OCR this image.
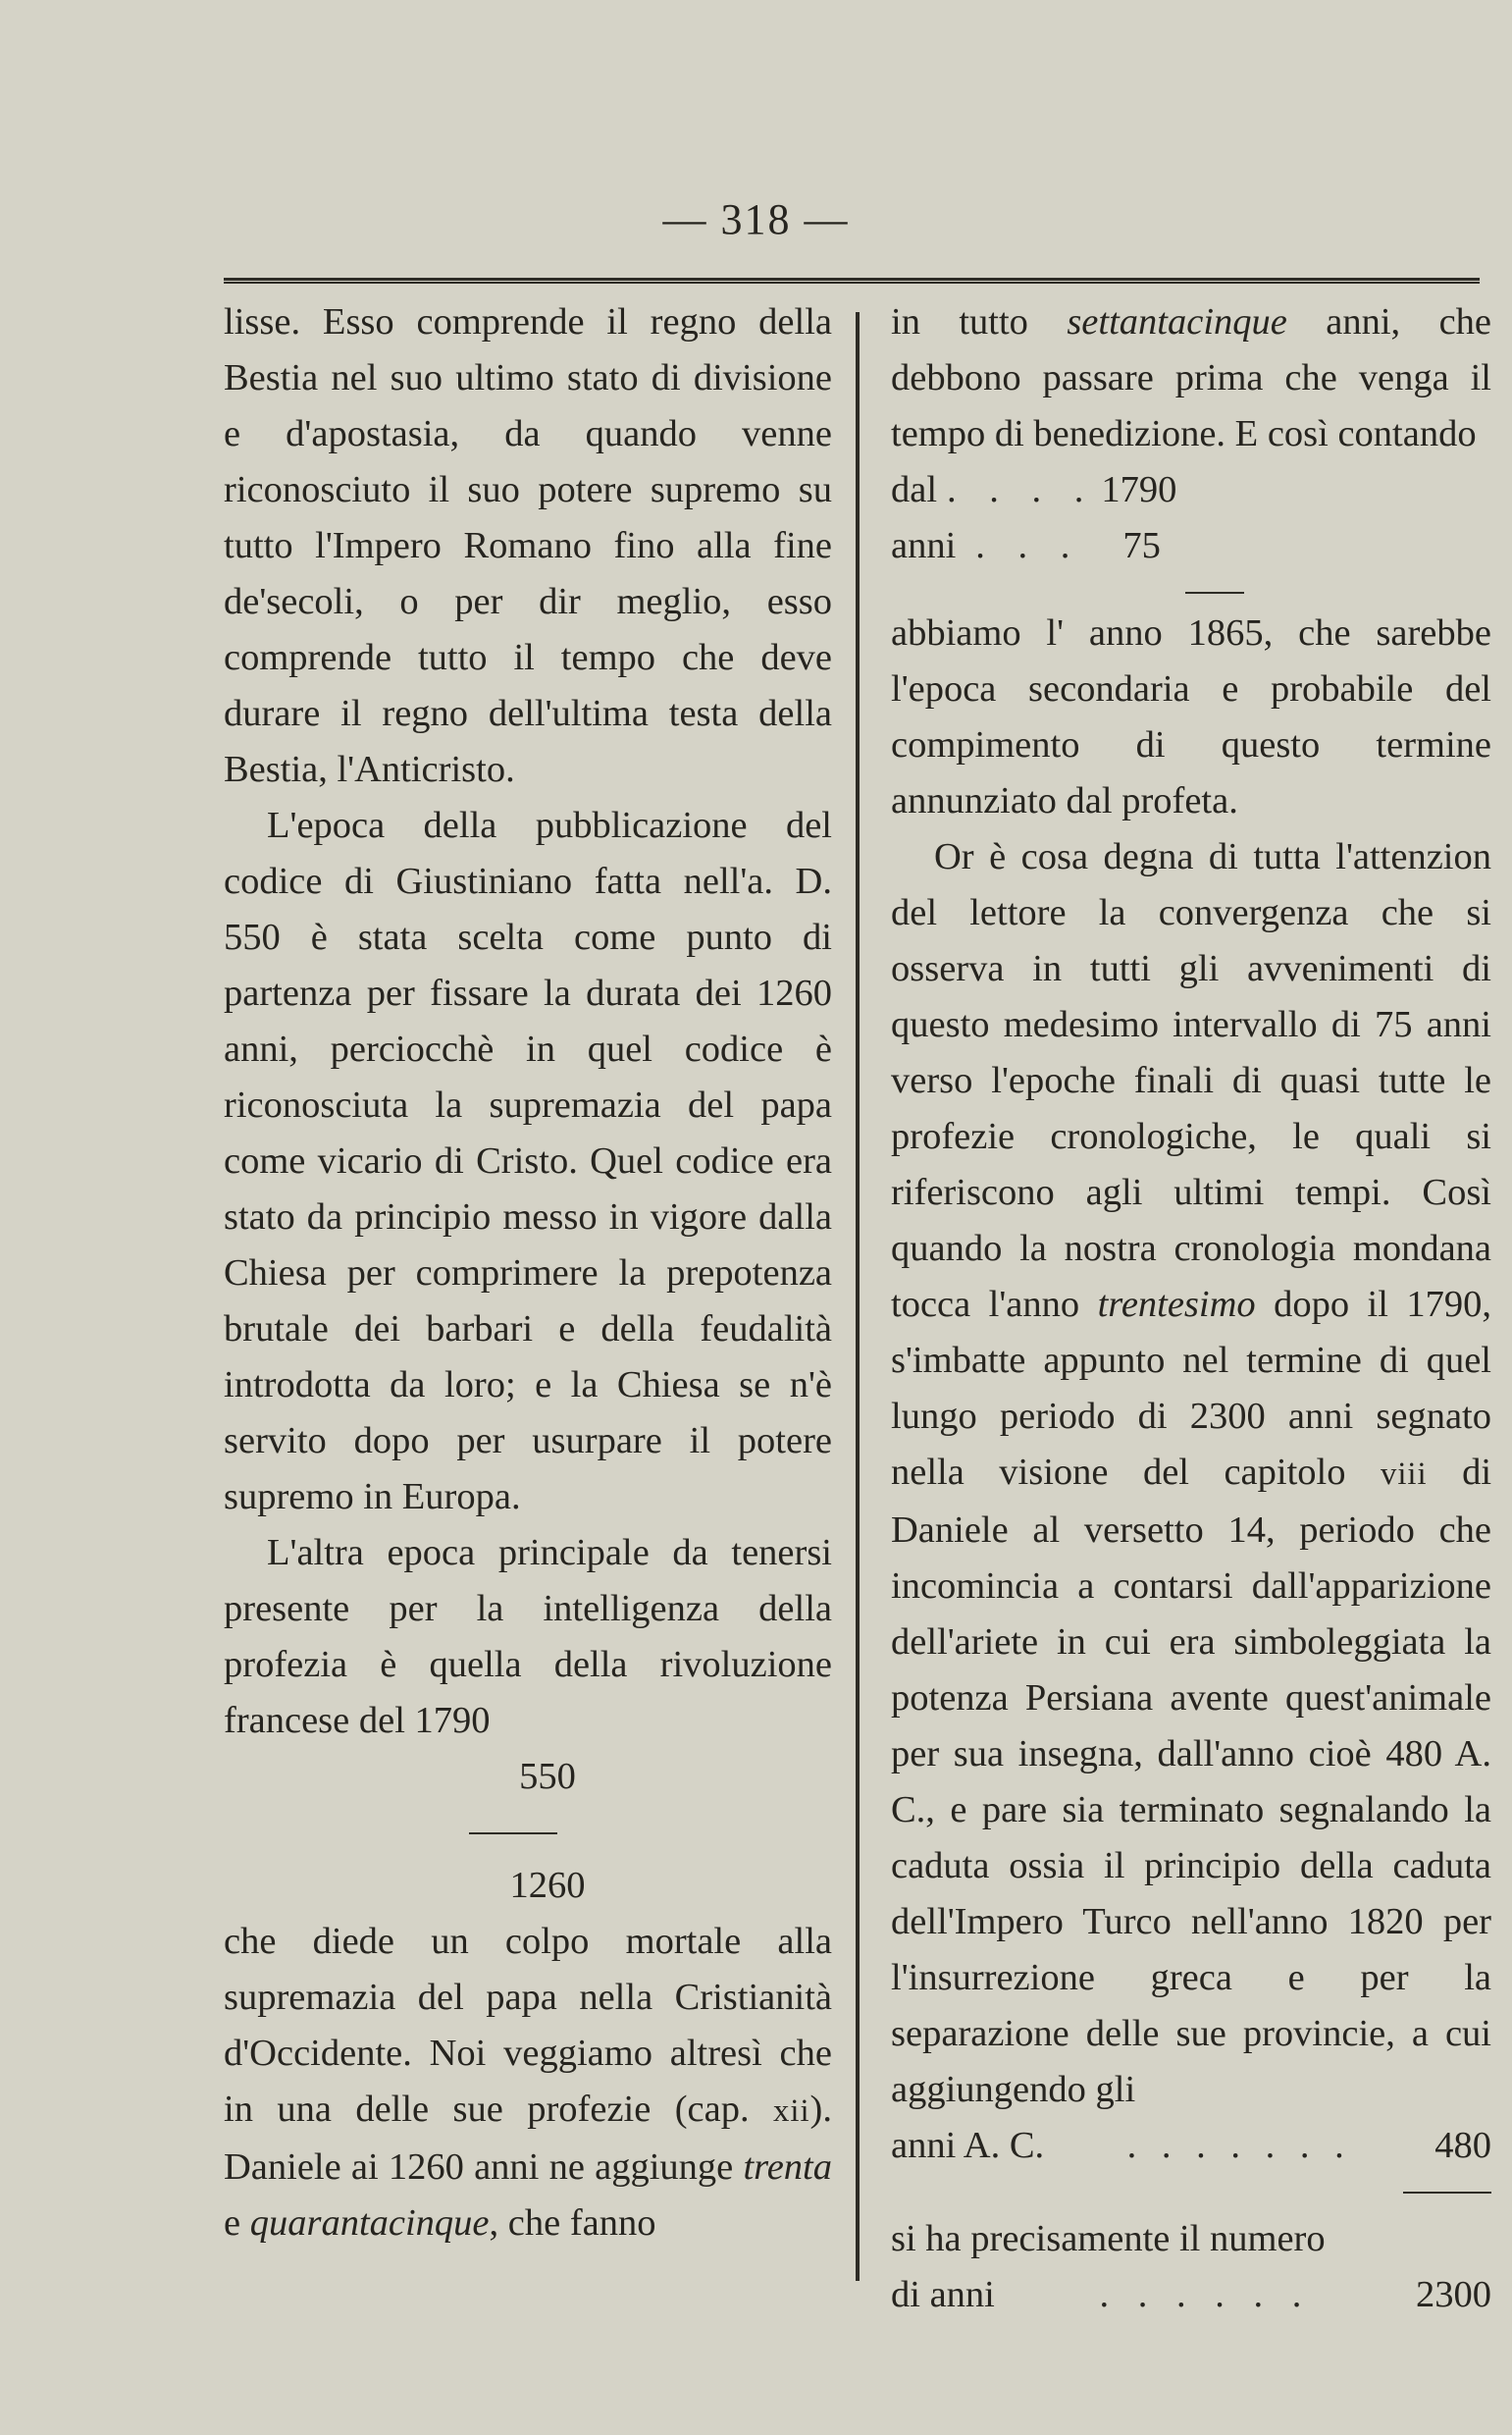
— 318 —

lisse. Esso comprende il regno della Bestia nel suo ultimo stato di divisione e d'apostasia, da quando venne riconosciuto il suo potere supremo su tutto l'Impero Romano fino alla fine de'secoli, o per dir meglio, esso comprende tutto il tempo che deve durare il regno dell'ultima testa della Bestia, l'Anticristo.

L'epoca della pubblicazione del codice di Giustiniano fatta nell'a. D. 550 è stata scelta come punto di partenza per fissare la durata dei 1260 anni, perciocchè in quel codice è riconosciuta la supremazia del papa come vicario di Cristo. Quel codice era stato da principio messo in vigore dalla Chiesa per comprimere la prepotenza brutale dei barbari e della feudalità introdotta da loro; e la Chiesa se n'è servito dopo per usurpare il potere supremo in Europa.

L'altra epoca principale da tenersi presente per la intelligenza della profezia è quella della rivoluzione francese del 1790

550
1260

che diede un colpo mortale alla supremazia del papa nella Cristianità d'Occidente. Noi veggiamo altresì che in una delle sue profezie (cap. xii). Daniele ai 1260 anni ne aggiunge trenta e quarantacinque, che fanno

in tutto settantacinque anni, che debbono passare prima che venga il tempo di benedizione. E così contando

dal . . . . 1790
anni . . .	75

abbiamo l' anno 1865, che sarebbe l'epoca secondaria e probabile del compimento di questo termine annunziato dal profeta.

Or è cosa degna di tutta l'attenzion del lettore la convergenza che si osserva in tutti gli avvenimenti di questo medesimo intervallo di 75 anni verso l'epoche finali di quasi tutte le profezie cronologiche, le quali si riferiscono agli ultimi tempi. Così quando la nostra cronologia mondana tocca l'anno trentesimo dopo il 1790, s'imbatte appunto nel termine di quel lungo periodo di 2300 anni segnato nella visione del capitolo viii di Daniele al versetto 14, periodo che incomincia a contarsi dall'apparizione dell'ariete in cui era simboleggiata la potenza Persiana avente quest'animale per sua insegna, dall'anno cioè 480 A. C., e pare sia terminato segnalando la caduta ossia il principio della caduta dell'Impero Turco nell'anno 1820 per l'insurrezione greca e per la separazione delle sue provincie, a cui aggiungendo gli

anni A. C. . . . . . . . 480

si ha precisamente il numero

di anni	. . . . . .	2300
